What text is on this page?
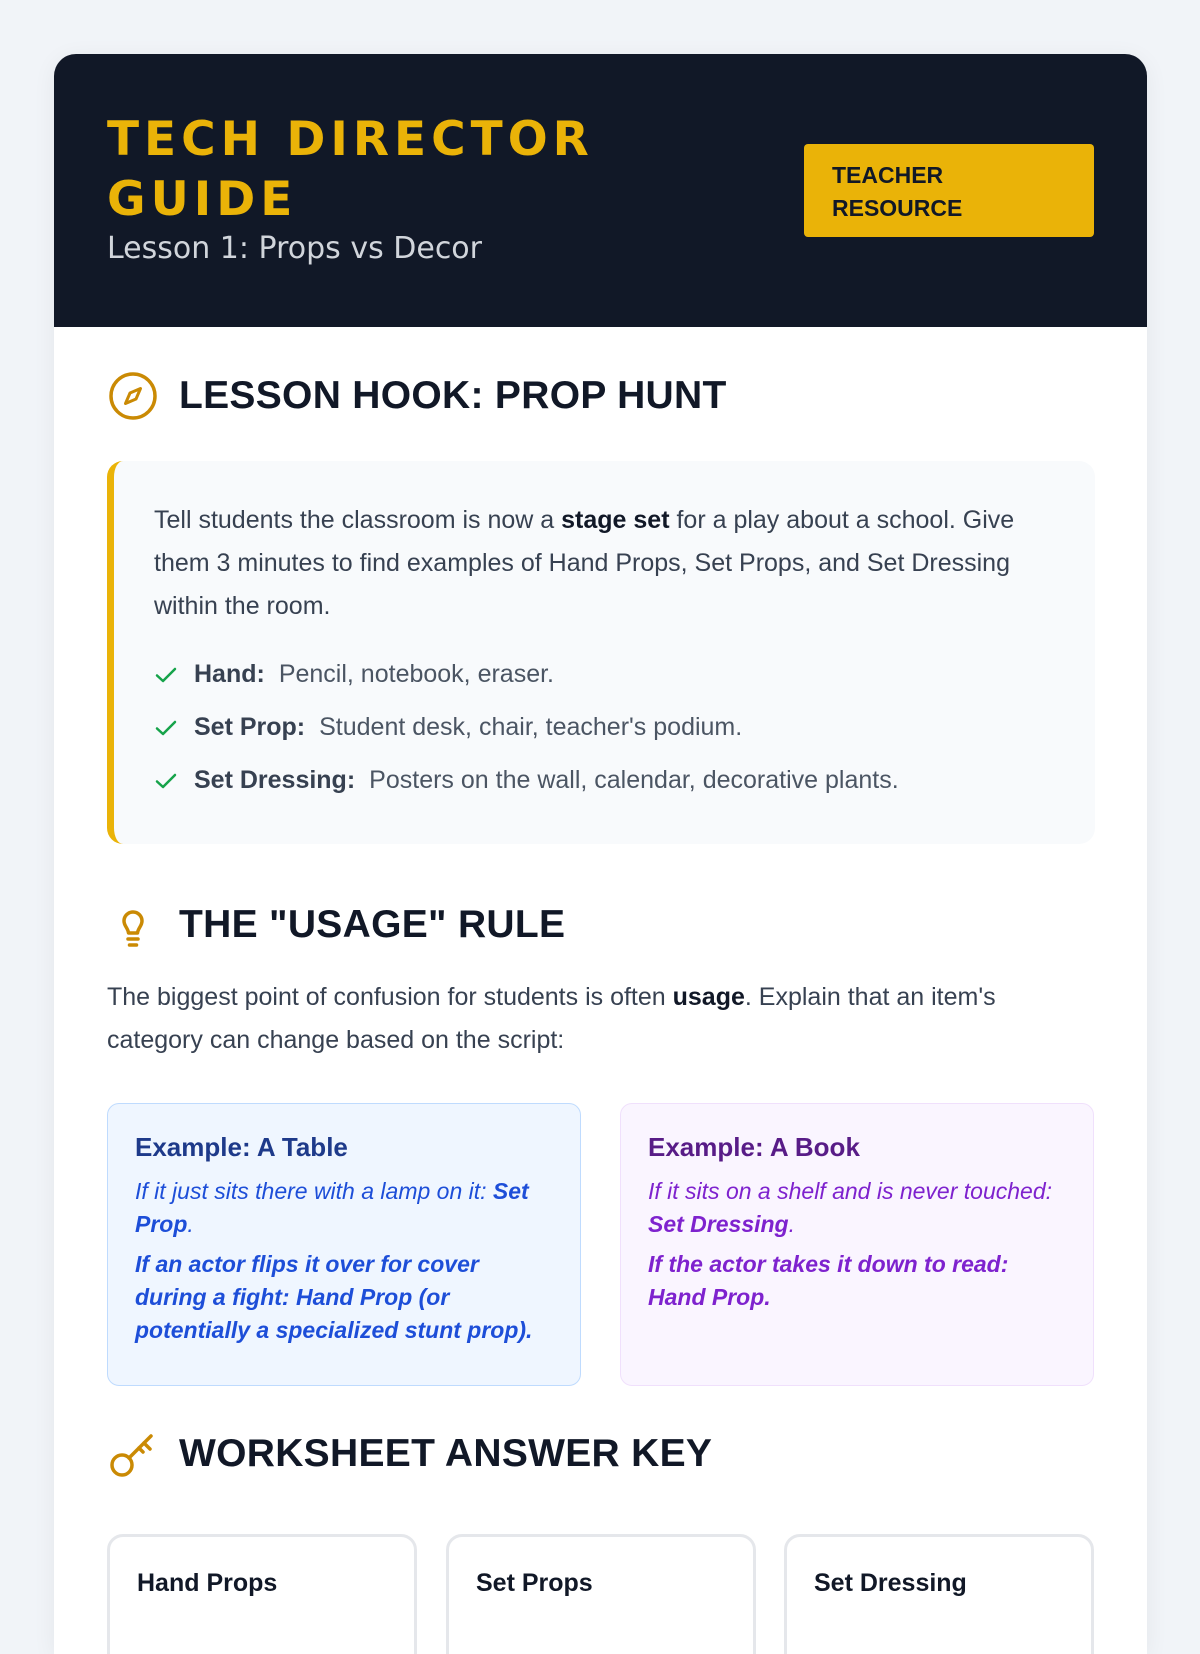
TECH DIRECTOR GUIDE
Lesson 1: Props vs Decor
TEACHER RESOURCE
LESSON HOOK: PROP HUNT

Tell students the classroom is now a stage set for a play about a school. Give them 3 minutes to find examples of Hand Props, Set Props, and Set Dressing within the room.

Hand: Pencil, notebook, eraser.
Set Prop: Student desk, chair, teacher's podium.
Set Dressing: Posters on the wall, calendar, decorative plants.
THE "USAGE" RULE

The biggest point of confusion for students is often usage. Explain that an item's category can change based on the script:

Example: A Table

If it just sits there with a lamp on it: Set Prop.

If an actor flips it over for cover during a fight: Hand Prop (or potentially a specialized stunt prop).

Example: A Book

If it sits on a shelf and is never touched: Set Dressing.

If the actor takes it down to read: Hand Prop.

WORKSHEET ANSWER KEY
Hand Props	Set Props	Set Dressing
